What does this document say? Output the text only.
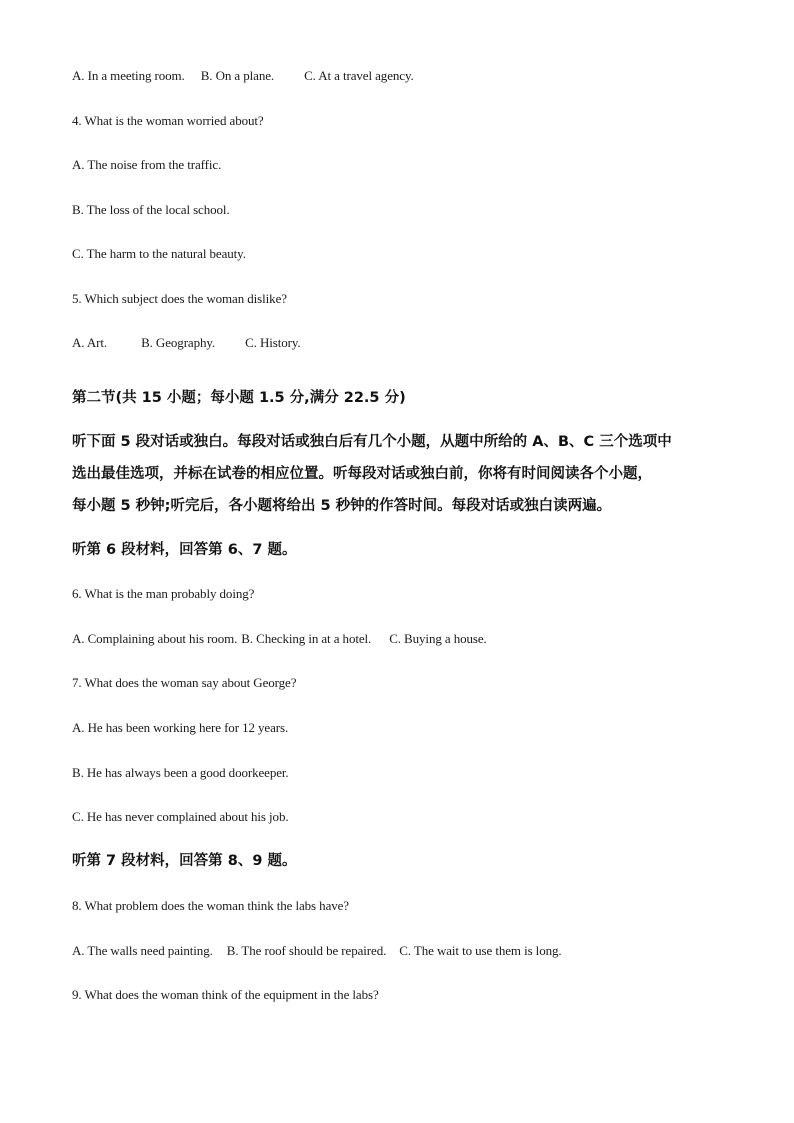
A. In a meeting room. B. On a plane. C. At a travel agency.

4. What is the woman worried about?

A. The noise from the traffic.

B. The loss of the local school.

C. The harm to the natural beauty.

5. Which subject does the woman dislike?

A. Art.	B. Geography. C. History.

第二节(共 15 小题；每小题 1.5 分,满分 22.5 分)

听下面 5 段对话或独白。每段对话或独白后有几个小题，从题中所给的 A、B、C 三个选项中

选出最佳选项，并标在试卷的相应位置。听每段对话或独白前，你将有时间阅读各个小题，

每小题 5 秒钟;听完后，各小题将给出 5 秒钟的作答时间。每段对话或独白读两遍。

听第 6 段材料，回答第 6、7 题。

6. What is the man probably doing?

A. Complaining about his room. B. Checking in at a hotel. C. Buying a house.

7. What does the woman say about George?

A. He has been working here for 12 years.

B. He has always been a good doorkeeper.

C. He has never complained about his job.

听第 7 段材料，回答第 8、9 题。

8. What problem does the woman think the labs have?

A. The walls need painting. B. The roof should be repaired. C. The wait to use them is long.

9. What does the woman think of the equipment in the labs?
